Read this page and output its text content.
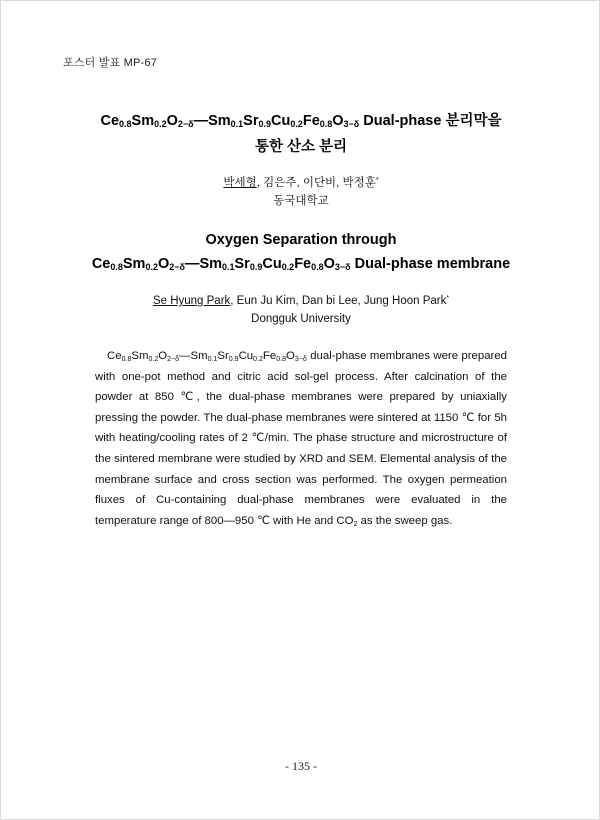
포스터 발표 MP-67
$Ce_{0.8}Sm_{0.2}O_{2-\delta}—Sm_{0.1}Sr_{0.9}Cu_{0.2}Fe_{0.8}O_{3-\delta}$ Dual-phase 분리막을
통한 산소 분리
박세형, 김은주, 이단비, 박정훈*
동국대학교
Oxygen Separation through
$Ce_{0.8}Sm_{0.2}O_{2-\delta}—Sm_{0.1}Sr_{0.9}Cu_{0.2}Fe_{0.8}O_{3-\delta}$ Dual-phase membrane
Se Hyung Park, Eun Ju Kim, Dan bi Lee, Jung Hoon Park*
Dongguk University

$Ce_{0.8}Sm_{0.2}O_{2-\delta}—Sm_{0.1}Sr_{0.9}Cu_{0.2}Fe_{0.8}O_{3-\delta}$ dual-phase membranes were prepared with one-pot method and citric acid sol-gel process. After calcination of the powder at 850 ℃, the dual-phase membranes were prepared by uniaxially pressing the powder. The dual-phase membranes were sintered at 1150 ℃ for 5h with heating/cooling rates of 2 ℃/min. The phase structure and microstructure of the sintered membrane were studied by XRD and SEM. Elemental analysis of the membrane surface and cross section was performed. The oxygen permeation fluxes of Cu-containing dual-phase membranes were evaluated in the temperature range of 800—950 ℃ with He and $CO_2$ as the sweep gas.

- 135 -
